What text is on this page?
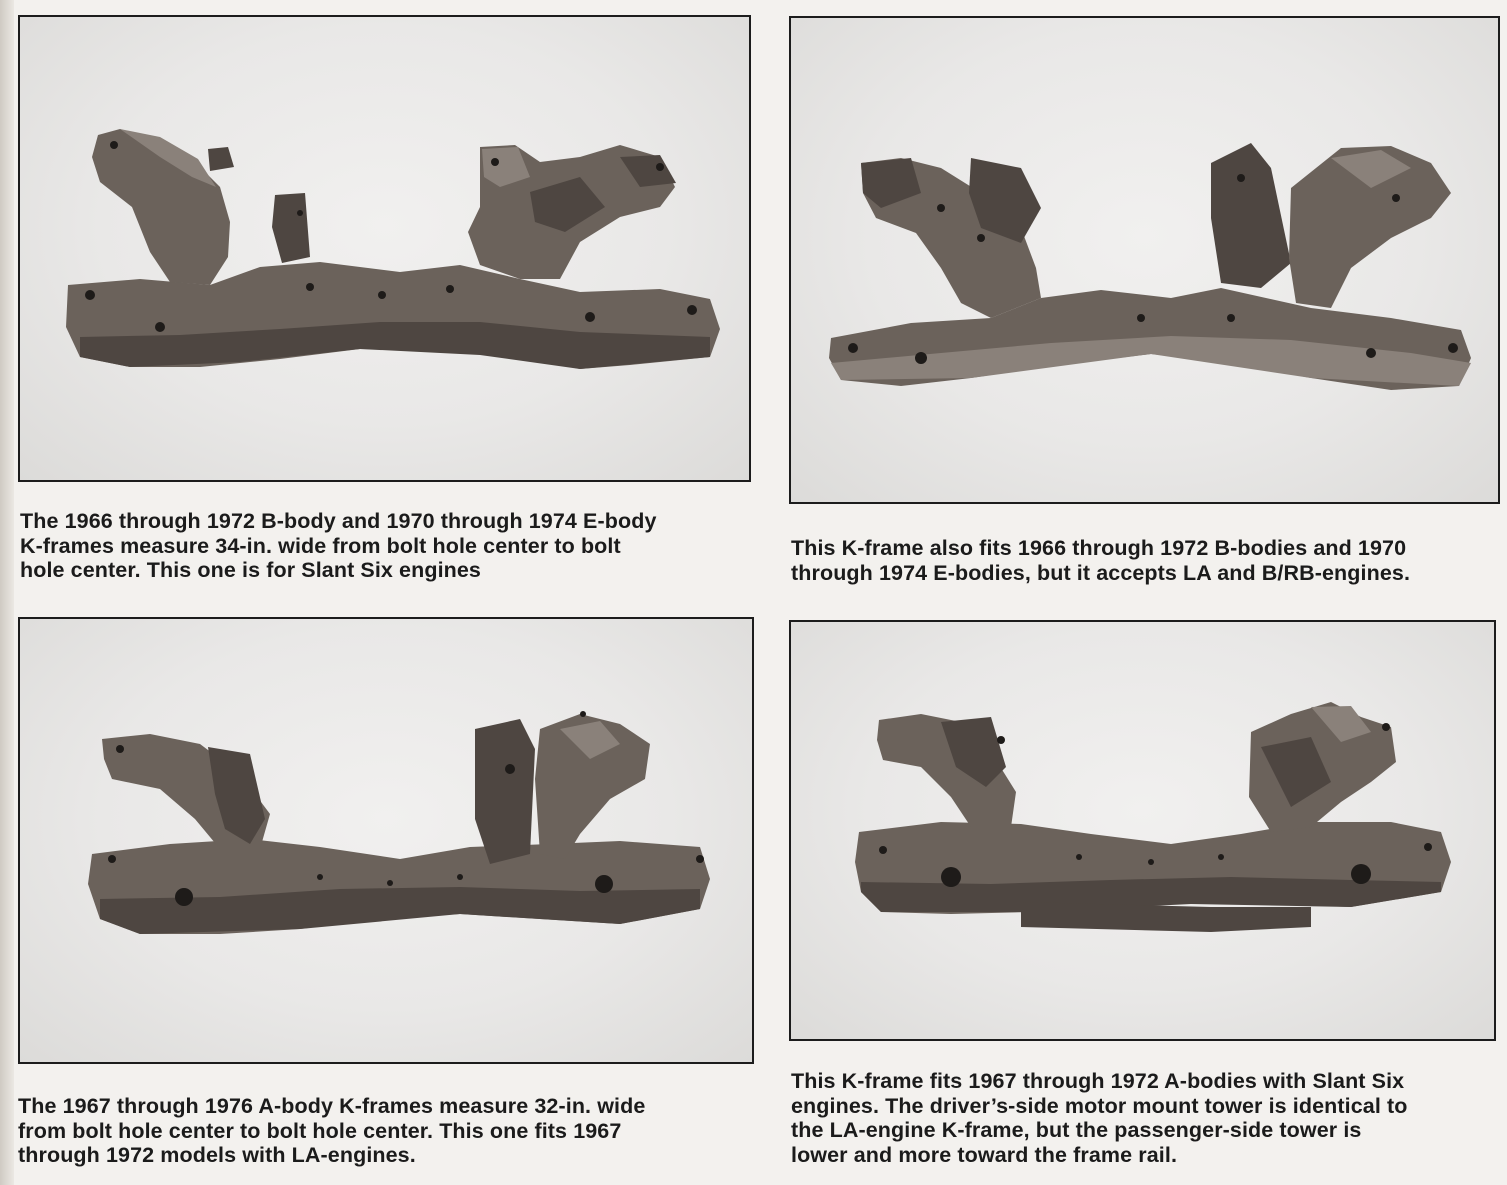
The 1966 through 1972 B-body and 1970 through 1974 E-body
K-frames measure 34-in. wide from bolt hole center to bolt
hole center. This one is for Slant Six engines
This K-frame also fits 1966 through 1972 B-bodies and 1970
through 1974 E-bodies, but it accepts LA and B/RB-engines.
The 1967 through 1976 A-body K-frames measure 32-in. wide
from bolt hole center to bolt hole center. This one fits 1967
through 1972 models with LA-engines.
This K-frame fits 1967 through 1972 A-bodies with Slant Six
engines. The driver’s-side motor mount tower is identical to
the LA-engine K-frame, but the passenger-side tower is
lower and more toward the frame rail.
